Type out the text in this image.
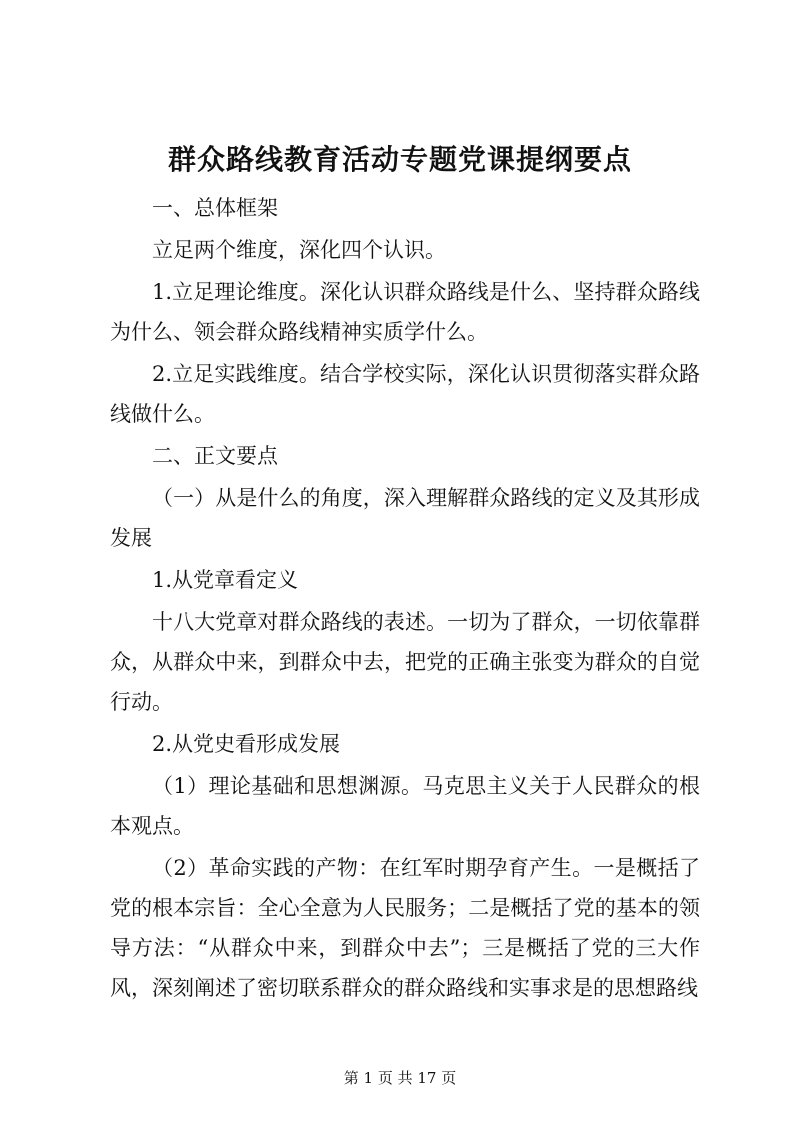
群众路线教育活动专题党课提纲要点

一、总体框架

立足两个维度，深化四个认识。

1.立足理论维度。深化认识群众路线是什么、坚持群众路线为什么、领会群众路线精神实质学什么。

2.立足实践维度。结合学校实际，深化认识贯彻落实群众路线做什么。

二、正文要点

（一）从是什么的角度，深入理解群众路线的定义及其形成发展

1.从党章看定义

十八大党章对群众路线的表述。一切为了群众，一切依靠群众，从群众中来，到群众中去，把党的正确主张变为群众的自觉行动。

2.从党史看形成发展

（1）理论基础和思想渊源。马克思主义关于人民群众的根本观点。

（2）革命实践的产物：在红军时期孕育产生。一是概括了党的根本宗旨：全心全意为人民服务；二是概括了党的基本的领导方法：“从群众中来，到群众中去”；三是概括了党的三大作风，深刻阐述了密切联系群众的群众路线和实事求是的思想路线

第 1 页 共 17 页
